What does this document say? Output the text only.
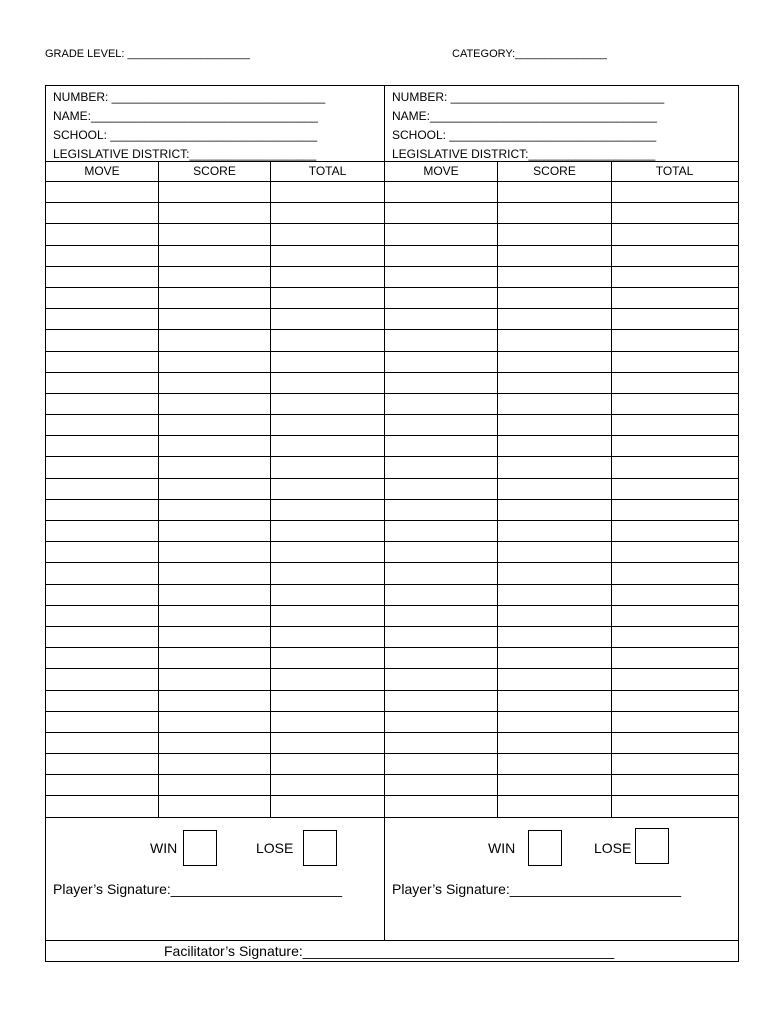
GRADE LEVEL: ____________________	CATEGORY:_______________
NUMBER: ________________________________
NAME:__________________________________
SCHOOL: _______________________________
LEGISLATIVE DISTRICT:___________________
MOVE	SCORE	TOTAL
WIN	LOSE
Player’s Signature:______________________
NUMBER: ________________________________
NAME:__________________________________
SCHOOL: _______________________________
LEGISLATIVE DISTRICT:___________________
MOVE	SCORE	TOTAL
WIN	LOSE
Player’s Signature:______________________
Facilitator’s Signature:________________________________________
